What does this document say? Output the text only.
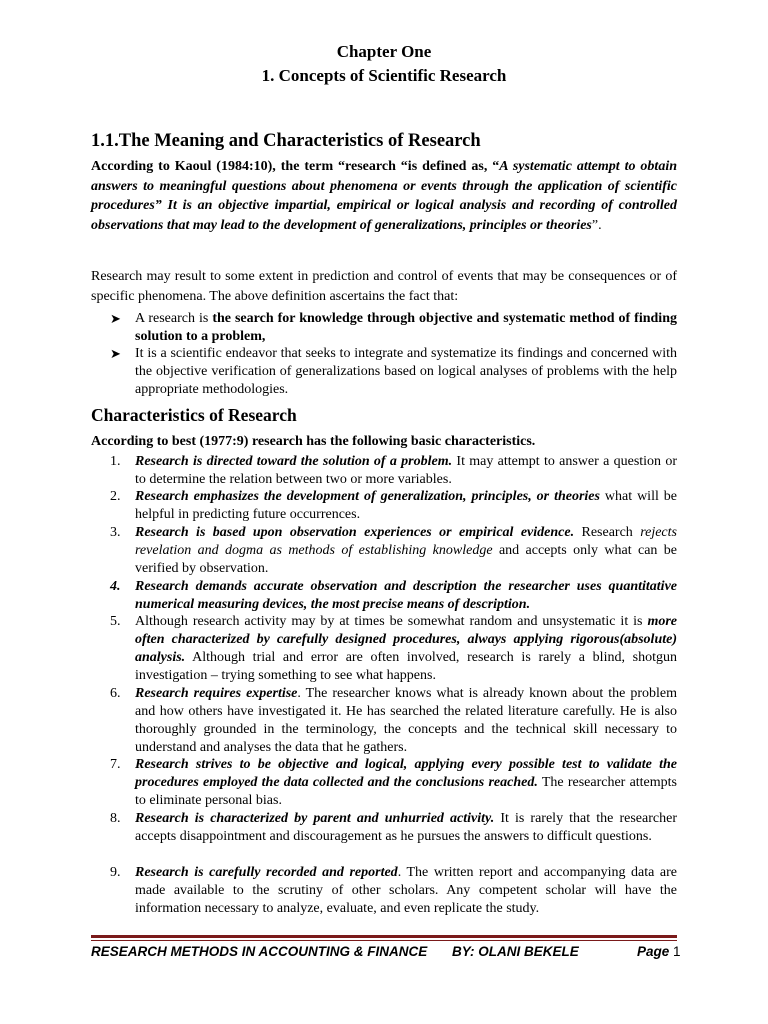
Chapter One
1. Concepts of Scientific Research
1.1.The Meaning and Characteristics of Research
According to Kaoul (1984:10), the term “research “is defined as, “A systematic attempt to obtain answers to meaningful questions about phenomena or events through the application of scientific procedures” It is an objective impartial, empirical or logical analysis and recording of controlled observations that may lead to the development of generalizations, principles or theories”.
Research may result to some extent in prediction and control of events that may be consequences or of specific phenomena. The above definition ascertains the fact that:
➤ A research is the search for knowledge through objective and systematic method of finding solution to a problem,
➤ It is a scientific endeavor that seeks to integrate and systematize its findings and concerned with the objective verification of generalizations based on logical analyses of problems with the help appropriate methodologies.
Characteristics of Research
According to best (1977:9) research has the following basic characteristics.
1.	Research is directed toward the solution of a problem. It may attempt to answer a question or to determine the relation between two or more variables.
2.	Research emphasizes the development of generalization, principles, or theories what will be helpful in predicting future occurrences.
3.	Research is based upon observation experiences or empirical evidence. Research rejects revelation and dogma as methods of establishing knowledge and accepts only what can be verified by observation.
4.	Research demands accurate observation and description the researcher uses quantitative numerical measuring devices, the most precise means of description.
5.	Although research activity may by at times be somewhat random and unsystematic it is more often characterized by carefully designed procedures, always applying rigorous(absolute) analysis. Although trial and error are often involved, research is rarely a blind, shotgun investigation – trying something to see what happens.
6.	Research requires expertise. The researcher knows what is already known about the problem and how others have investigated it. He has searched the related literature carefully. He is also thoroughly grounded in the terminology, the concepts and the technical skill necessary to understand and analyses the data that he gathers.
7.	Research strives to be objective and logical, applying every possible test to validate the procedures employed the data collected and the conclusions reached. The researcher attempts to eliminate personal bias.
8.	Research is characterized by parent and unhurried activity. It is rarely that the researcher accepts disappointment and discouragement as he pursues the answers to difficult questions.
9.	Research is carefully recorded and reported. The written report and accompanying data are made available to the scrutiny of other scholars. Any competent scholar will have the information necessary to analyze, evaluate, and even replicate the study.
RESEARCH METHODS IN ACCOUNTING & FINANCE BY: OLANI BEKELE	Page 1
